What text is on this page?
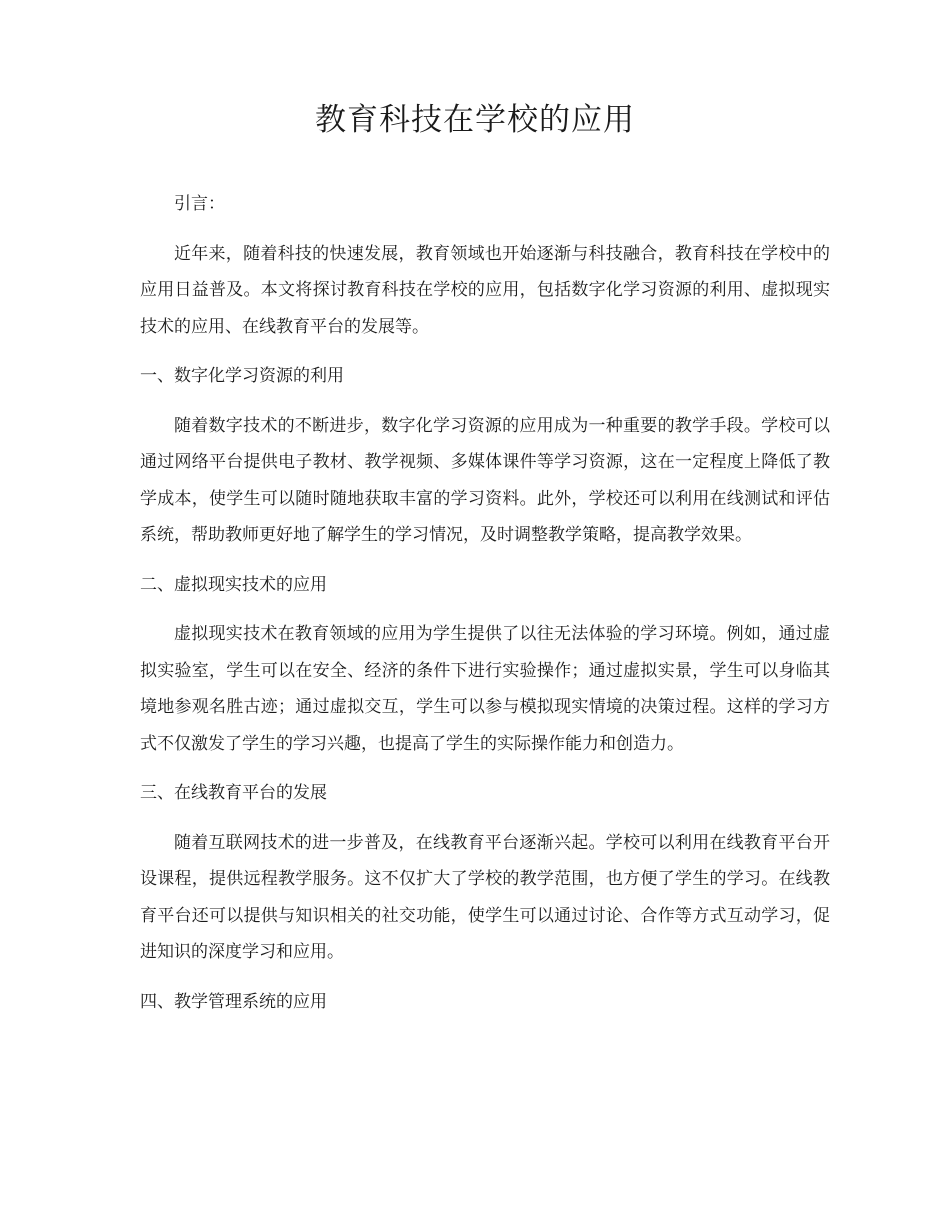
教育科技在学校的应用

引言：

近年来，随着科技的快速发展，教育领域也开始逐渐与科技融合，教育科技在学校中的应用日益普及。本文将探讨教育科技在学校的应用，包括数字化学习资源的利用、虚拟现实技术的应用、在线教育平台的发展等。

一、数字化学习资源的利用

随着数字技术的不断进步，数字化学习资源的应用成为一种重要的教学手段。学校可以通过网络平台提供电子教材、教学视频、多媒体课件等学习资源，这在一定程度上降低了教学成本，使学生可以随时随地获取丰富的学习资料。此外，学校还可以利用在线测试和评估系统，帮助教师更好地了解学生的学习情况，及时调整教学策略，提高教学效果。

二、虚拟现实技术的应用

虚拟现实技术在教育领域的应用为学生提供了以往无法体验的学习环境。例如，通过虚拟实验室，学生可以在安全、经济的条件下进行实验操作；通过虚拟实景，学生可以身临其境地参观名胜古迹；通过虚拟交互，学生可以参与模拟现实情境的决策过程。这样的学习方式不仅激发了学生的学习兴趣，也提高了学生的实际操作能力和创造力。

三、在线教育平台的发展

随着互联网技术的进一步普及，在线教育平台逐渐兴起。学校可以利用在线教育平台开设课程，提供远程教学服务。这不仅扩大了学校的教学范围，也方便了学生的学习。在线教育平台还可以提供与知识相关的社交功能，使学生可以通过讨论、合作等方式互动学习，促进知识的深度学习和应用。

四、教学管理系统的应用
